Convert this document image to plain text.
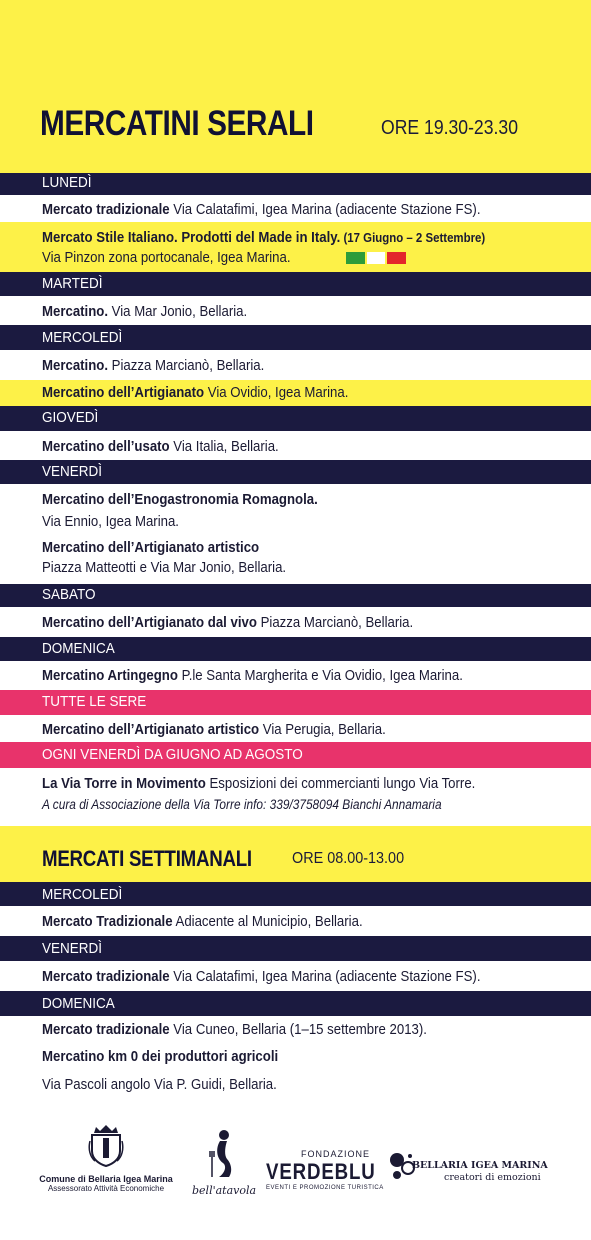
MERCATINI SERALI	ORE 19.30-23.30
LUNEDÌ
Mercato tradizionale Via Calatafimi, Igea Marina (adiacente Stazione FS).
Mercato Stile Italiano. Prodotti del Made in Italy. (17 Giugno – 2 Settembre)
Via Pinzon zona portocanale, Igea Marina.
MARTEDÌ
Mercatino. Via Mar Jonio, Bellaria.
MERCOLEDÌ
Mercatino. Piazza Marcianò, Bellaria.
Mercatino dell’Artigianato Via Ovidio, Igea Marina.
GIOVEDÌ
Mercatino dell’usato Via Italia, Bellaria.
VENERDÌ
Mercatino dell’Enogastronomia Romagnola.
Via Ennio, Igea Marina.
Mercatino dell’Artigianato artistico
Piazza Matteotti e Via Mar Jonio, Bellaria.
SABATO
Mercatino dell’Artigianato dal vivo Piazza Marcianò, Bellaria.
DOMENICA
Mercatino Artingegno P.le Santa Margherita e Via Ovidio, Igea Marina.
TUTTE LE SERE
Mercatino dell’Artigianato artistico Via Perugia, Bellaria.
OGNI VENERDÌ DA GIUGNO AD AGOSTO
La Via Torre in Movimento Esposizioni dei commercianti lungo Via Torre.
A cura di Associazione della Via Torre info: 339/3758094 Bianchi Annamaria
MERCATI SETTIMANALI	ORE 08.00-13.00
MERCOLEDÌ
Mercato Tradizionale Adiacente al Municipio, Bellaria.
VENERDÌ
Mercato tradizionale Via Calatafimi, Igea Marina (adiacente Stazione FS).
DOMENICA
Mercato tradizionale Via Cuneo, Bellaria (1–15 settembre 2013).
Mercatino km 0 dei produttori agricoli
Via Pascoli angolo Via P. Guidi, Bellaria.
Comune di Bellaria Igea Marina
Assessorato Attività Economiche	bell'atavola
FONDAZIONE
VERDEBLU
EVENTI E PROMOZIONE TURISTICA
BELLARIA IGEA MARINA
creatori di emozioni
